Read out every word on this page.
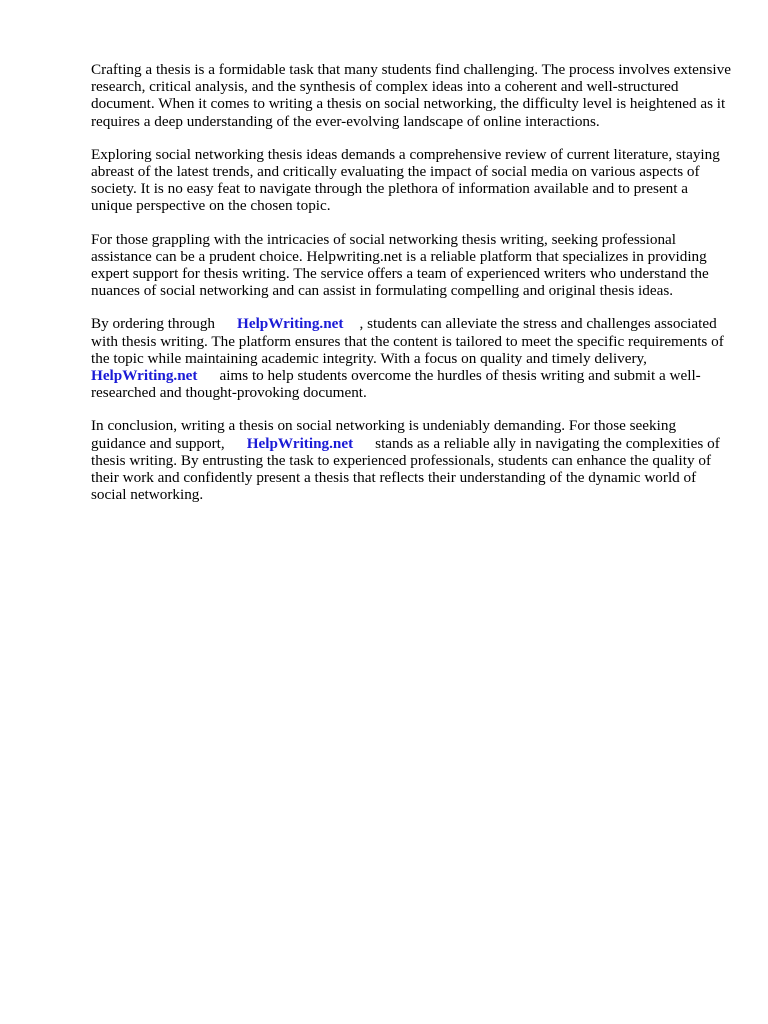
Crafting a thesis is a formidable task that many students find challenging. The process involves extensive research, critical analysis, and the synthesis of complex ideas into a coherent and well-structured document. When it comes to writing a thesis on social networking, the difficulty level is heightened as it requires a deep understanding of the ever-evolving landscape of online interactions.

Exploring social networking thesis ideas demands a comprehensive review of current literature, staying abreast of the latest trends, and critically evaluating the impact of social media on various aspects of society. It is no easy feat to navigate through the plethora of information available and to present a unique perspective on the chosen topic.

For those grappling with the intricacies of social networking thesis writing, seeking professional assistance can be a prudent choice. Helpwriting.net is a reliable platform that specializes in providing expert support for thesis writing. The service offers a team of experienced writers who understand the nuances of social networking and can assist in formulating compelling and original thesis ideas.

By ordering through HelpWriting.net , students can alleviate the stress and challenges associated with thesis writing. The platform ensures that the content is tailored to meet the specific requirements of the topic while maintaining academic integrity. With a focus on quality and timely delivery,HelpWriting.net aims to help students overcome the hurdles of thesis writing and submit a well-researched and thought-provoking document.

In conclusion, writing a thesis on social networking is undeniably demanding. For those seeking guidance and support, HelpWriting.net stands as a reliable ally in navigating the complexities of thesis writing. By entrusting the task to experienced professionals, students can enhance the quality of their work and confidently present a thesis that reflects their understanding of the dynamic world of social networking.
